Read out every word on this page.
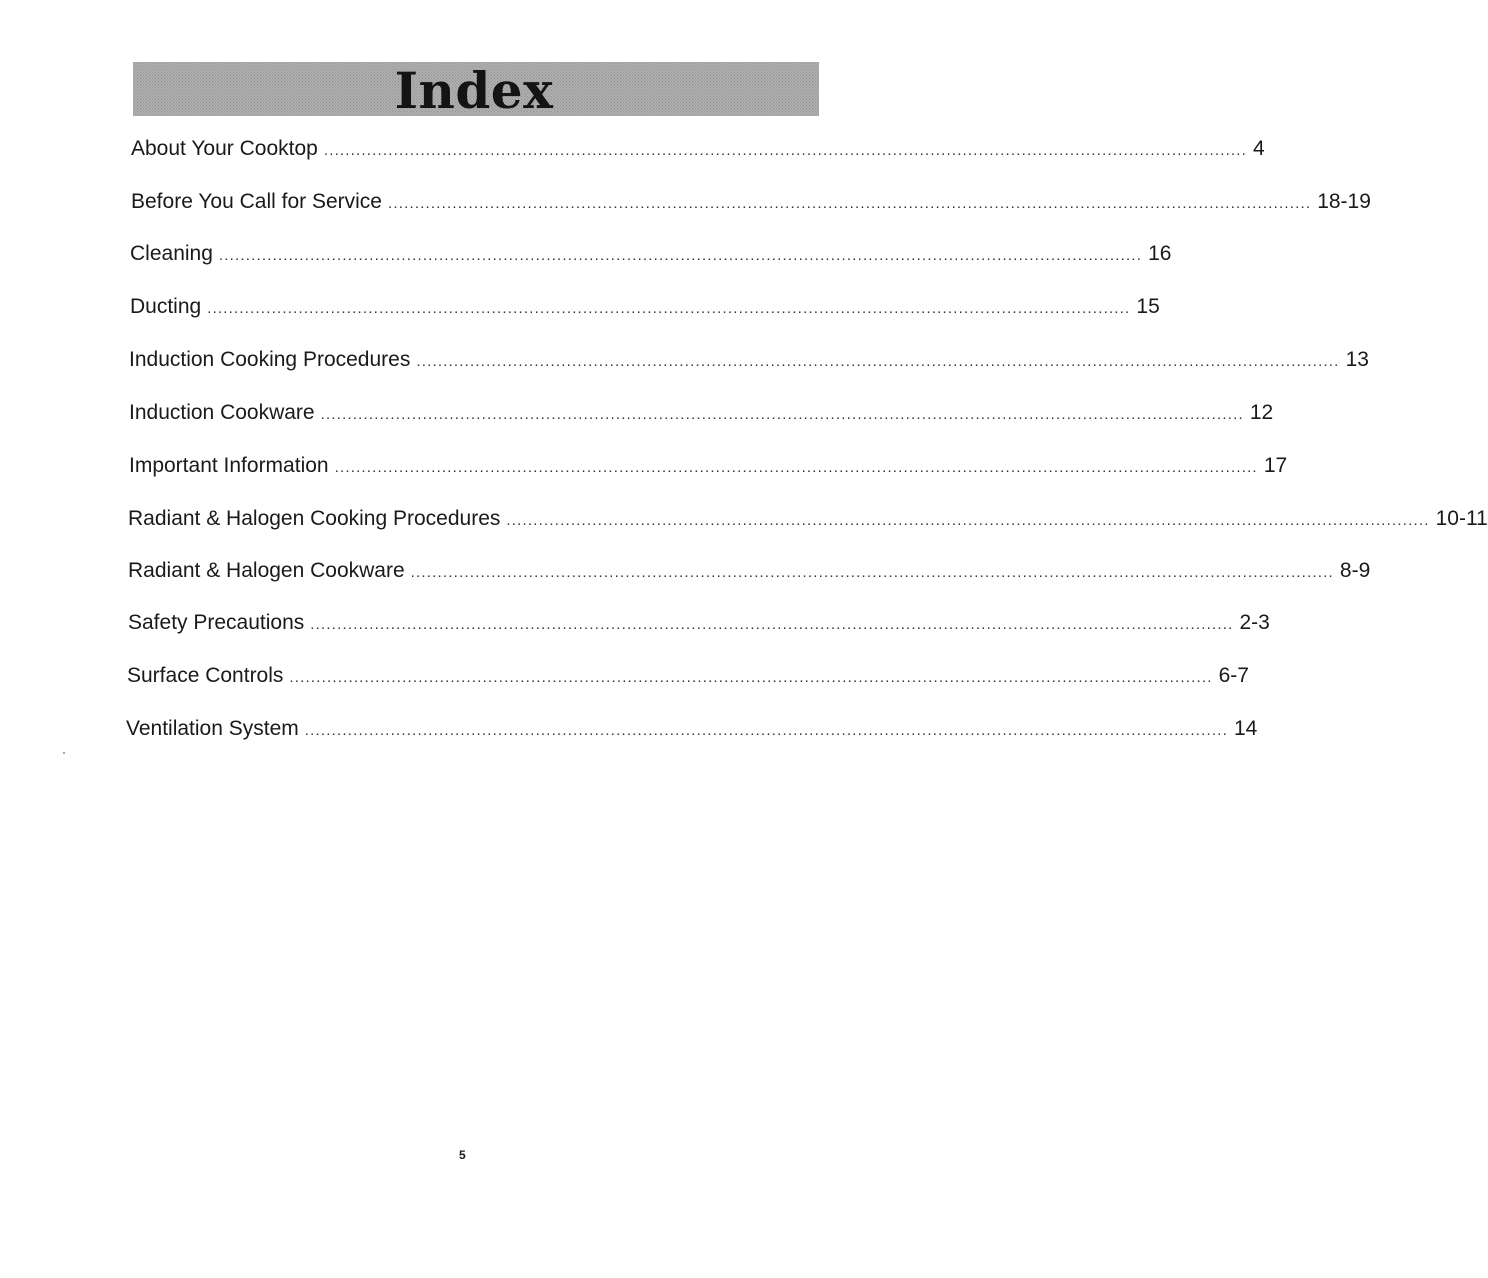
Index
About Your Cooktop ............................................................................................................................................................................ 4
Before You Call for Service ............................................................................................................................................................................ 18-19
Cleaning ............................................................................................................................................................................ 16
Ducting ............................................................................................................................................................................ 15
Induction Cooking Procedures ............................................................................................................................................................................ 13
Induction Cookware ............................................................................................................................................................................ 12
Important Information ............................................................................................................................................................................ 17
Radiant & Halogen Cooking Procedures ............................................................................................................................................................................ 10-11
Radiant & Halogen Cookware ............................................................................................................................................................................ 8-9
Safety Precautions ............................................................................................................................................................................ 2-3
Surface Controls ............................................................................................................................................................................ 6-7
Ventilation System ............................................................................................................................................................................ 14
5
